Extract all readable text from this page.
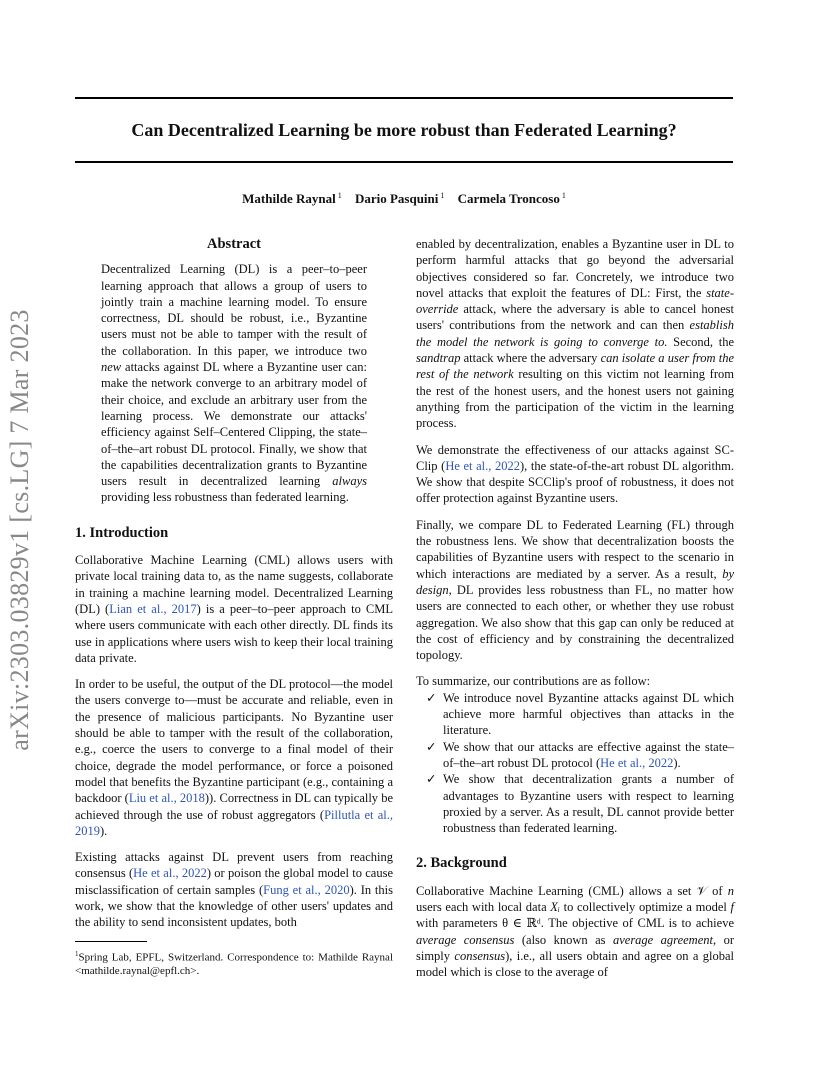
Can Decentralized Learning be more robust than Federated Learning?
Mathilde Raynal $^1$ Dario Pasquini $^1$ Carmela Troncoso $^1$
arXiv:2303.03829v1 [cs.LG] 7 Mar 2023
Abstract
Decentralized Learning (DL) is a peer–to–peer learning approach that allows a group of users to jointly train a machine learning model. To ensure correctness, DL should be robust, i.e., Byzantine users must not be able to tamper with the result of the collaboration. In this paper, we introduce two new attacks against DL where a Byzantine user can: make the network converge to an arbitrary model of their choice, and exclude an arbitrary user from the learning process. We demonstrate our attacks' efficiency against Self–Centered Clipping, the state–of–the–art robust DL protocol. Finally, we show that the capabilities decentralization grants to Byzantine users result in decentralized learning always providing less robustness than federated learning.
1. Introduction

Collaborative Machine Learning (CML) allows users with private local training data to, as the name suggests, collaborate in training a machine learning model. Decentralized Learning (DL) (Lian et al., 2017) is a peer–to–peer approach to CML where users communicate with each other directly. DL finds its use in applications where users wish to keep their local training data private.

In order to be useful, the output of the DL protocol—the model the users converge to—must be accurate and reliable, even in the presence of malicious participants. No Byzantine user should be able to tamper with the result of the collaboration, e.g., coerce the users to converge to a final model of their choice, degrade the model performance, or force a poisoned model that benefits the Byzantine participant (e.g., containing a backdoor (Liu et al., 2018)). Correctness in DL can typically be achieved through the use of robust aggregators (Pillutla et al., 2019).

Existing attacks against DL prevent users from reaching consensus (He et al., 2022) or poison the global model to cause misclassification of certain samples (Fung et al., 2020). In this work, we show that the knowledge of other users' updates and the ability to send inconsistent updates, both

$^1$Spring Lab, EPFL, Switzerland. Correspondence to: Mathilde Raynal <mathilde.raynal@epfl.ch>.

enabled by decentralization, enables a Byzantine user in DL to perform harmful attacks that go beyond the adversarial objectives considered so far. Concretely, we introduce two novel attacks that exploit the features of DL: First, the state-override attack, where the adversary is able to cancel honest users' contributions from the network and can then establish the model the network is going to converge to. Second, the sandtrap attack where the adversary can isolate a user from the rest of the network resulting on this victim not learning from the rest of the honest users, and the honest users not gaining anything from the participation of the victim in the learning process.

We demonstrate the effectiveness of our attacks against SC-Clip (He et al., 2022), the state-of-the-art robust DL algorithm. We show that despite SCClip's proof of robustness, it does not offer protection against Byzantine users.

Finally, we compare DL to Federated Learning (FL) through the robustness lens. We show that decentralization boosts the capabilities of Byzantine users with respect to the scenario in which interactions are mediated by a server. As a result, by design, DL provides less robustness than FL, no matter how users are connected to each other, or whether they use robust aggregation. We also show that this gap can only be reduced at the cost of efficiency and by constraining the decentralized topology.

To summarize, our contributions are as follow:

✓ We introduce novel Byzantine attacks against DL which achieve more harmful objectives than attacks in the literature.
✓ We show that our attacks are effective against the state–of–the–art robust DL protocol (He et al., 2022).
✓ We show that decentralization grants a number of advantages to Byzantine users with respect to learning proxied by a server. As a result, DL cannot provide better robustness than federated learning.
2. Background

Collaborative Machine Learning (CML) allows a set 𝒱 of n users each with local data Xᵢ to collectively optimize a model f with parameters θ ∈ ℝᵈ. The objective of CML is to achieve average consensus (also known as average agreement, or simply consensus), i.e., all users obtain and agree on a global model which is close to the average of
